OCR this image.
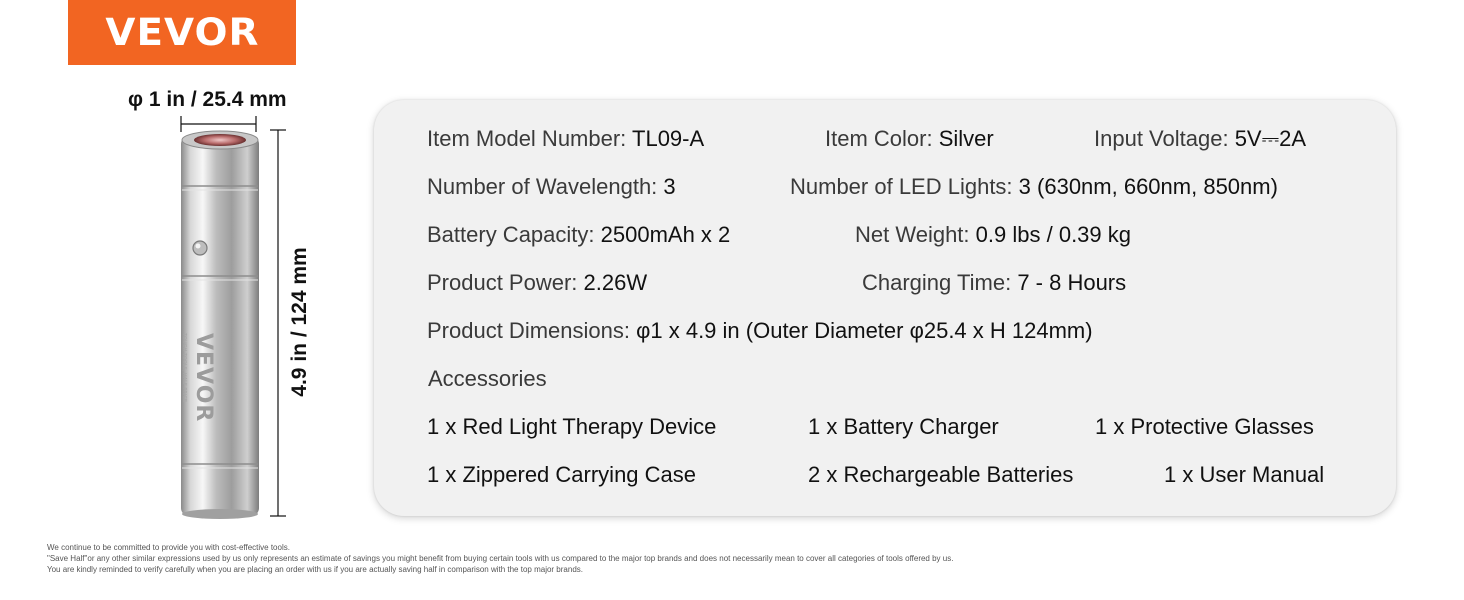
VEVOR
φ 1 in / 25.4 mm
4.9 in / 124 mm
VEVOR
TOUGH TOOLS, HALF PRICE
Item Model Number: TL09-A	Item Color: Silver	Input Voltage: 5V⎓2A
Number of Wavelength: 3	Number of LED Lights: 3 (630nm, 660nm, 850nm)
Battery Capacity: 2500mAh x 2	Net Weight: 0.9 lbs / 0.39 kg
Product Power: 2.26W	Charging Time: 7 - 8 Hours
Product Dimensions: φ1 x 4.9 in (Outer Diameter φ25.4 x H 124mm)
Accessories
1 x Red Light Therapy Device	1 x Battery Charger	1 x Protective Glasses
1 x Zippered Carrying Case	2 x Rechargeable Batteries	1 x User Manual
We continue to be committed to provide you with cost-effective tools.
"Save Half"or any other similar expressions used by us only represents an estimate of savings you might benefit from buying certain tools with us compared to the major top brands and does not necessarily mean to cover all categories of tools offered by us.
You are kindly reminded to verify carefully when you are placing an order with us if you are actually saving half in comparison with the top major brands.
